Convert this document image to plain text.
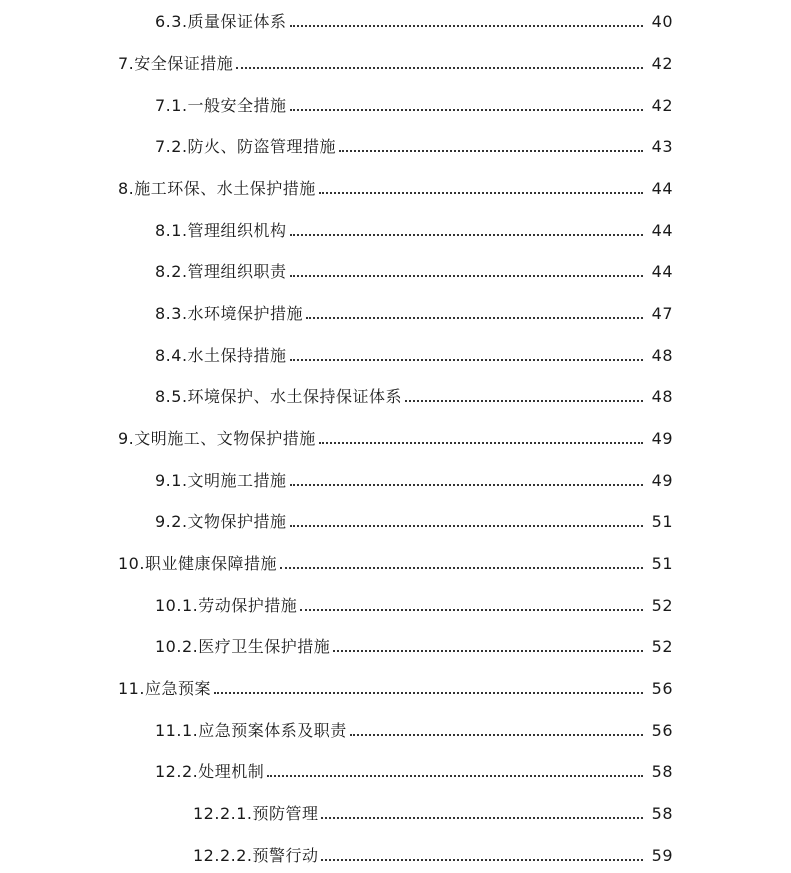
6.3.质量保证体系	40
7.安全保证措施	42
7.1.一般安全措施	42
7.2.防火、防盗管理措施	43
8.施工环保、水土保护措施	44
8.1.管理组织机构	44
8.2.管理组织职责	44
8.3.水环境保护措施	47
8.4.水土保持措施	48
8.5.环境保护、水土保持保证体系	48
9.文明施工、文物保护措施	49
9.1.文明施工措施	49
9.2.文物保护措施	51
10.职业健康保障措施	51
10.1.劳动保护措施	52
10.2.医疗卫生保护措施	52
11.应急预案	56
11.1.应急预案体系及职责	56
12.2.处理机制	58
12.2.1.预防管理	58
12.2.2.预警行动	59
